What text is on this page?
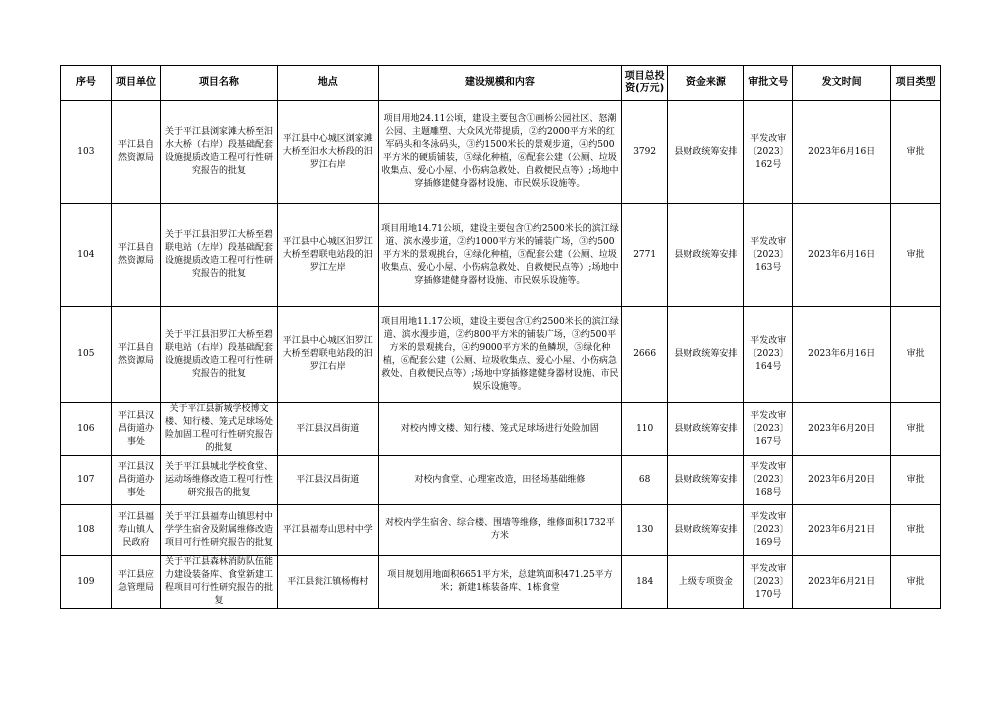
序号	项目单位	项目名称	地点	建设规模和内容	项目总投资(万元)	资金来源	审批文号	发文时间	项目类型
103	平江县自然资源局	关于平江县浏家滩大桥至汨水大桥（右岸）段基础配套设施提质改造工程可行性研究报告的批复	平江县中心城区浏家滩大桥至汨水大桥段的汨罗江右岸	项目用地24.11公顷，建设主要包含①画桥公园社区、怒潮公园、主题雕塑、大众风光带提质，②约2000平方米的红军码头和冬泳码头，③约1500米长的景观步道，④约500平方米的硬质铺装，⑤绿化种植，⑥配套公建（公厕、垃圾收集点、爱心小屋、小伤病急救处、自救便民点等）;场地中穿插修建健身器材设施、市民娱乐设施等。	3792	县财政统筹安排	平发改审〔2023〕162号	2023年6月16日	审批
104	平江县自然资源局	关于平江县汨罗江大桥至碧联电站（左岸）段基础配套设施提质改造工程可行性研究报告的批复	平江县中心城区汨罗江大桥至碧联电站段的汨罗江左岸	项目用地14.71公顷，建设主要包含①约2500米长的滨江绿道、滨水漫步道，②约1000平方米的铺装广场，③约500平方米的景观挑台，④绿化种植，⑤配套公建（公厕、垃圾收集点、爱心小屋、小伤病急救处、自救便民点等）;场地中穿插修建健身器材设施、市民娱乐设施等。	2771	县财政统筹安排	平发改审〔2023〕163号	2023年6月16日	审批
105	平江县自然资源局	关于平江县汨罗江大桥至碧联电站（右岸）段基础配套设施提质改造工程可行性研究报告的批复	平江县中心城区汨罗江大桥至碧联电站段的汨罗江右岸	项目用地11.17公顷，建设主要包含①约2500米长的滨江绿道、滨水漫步道，②约800平方米的铺装广场，③约500平方米的景观挑台，④约9000平方米的鱼鳞坝，⑤绿化种植，⑥配套公建（公厕、垃圾收集点、爱心小屋、小伤病急救处、自救便民点等）;场地中穿插修建健身器材设施、市民娱乐设施等。	2666	县财政统筹安排	平发改审〔2023〕164号	2023年6月16日	审批
106	平江县汉昌街道办事处	关于平江县新城学校博文楼、知行楼、笼式足球场处险加固工程可行性研究报告的批复	平江县汉昌街道	对校内博文楼、知行楼、笼式足球场进行处险加固	110	县财政统筹安排	平发改审〔2023〕167号	2023年6月20日	审批
107	平江县汉昌街道办事处	关于平江县城北学校食堂、运动场维修改造工程可行性研究报告的批复	平江县汉昌街道	对校内食堂、心理室改造，田径场基础维修	68	县财政统筹安排	平发改审〔2023〕168号	2023年6月20日	审批
108	平江县福寿山镇人民政府	关于平江县福寿山镇思村中学学生宿舍及附属维修改造项目可行性研究报告的批复	平江县福寿山思村中学	对校内学生宿舍、综合楼、围墙等维修，维修面积1732平方米	130	县财政统筹安排	平发改审〔2023〕169号	2023年6月21日	审批
109	平江县应急管理局	关于平江县森林消防队伍能力建设装备库、食堂新建工程项目可行性研究报告的批复	平江县瓮江镇杨梅村	项目规划用地面积6651平方米，总建筑面积471.25平方米；新建1栋装备库、1栋食堂	184	上级专项资金	平发改审〔2023〕170号	2023年6月21日	审批
